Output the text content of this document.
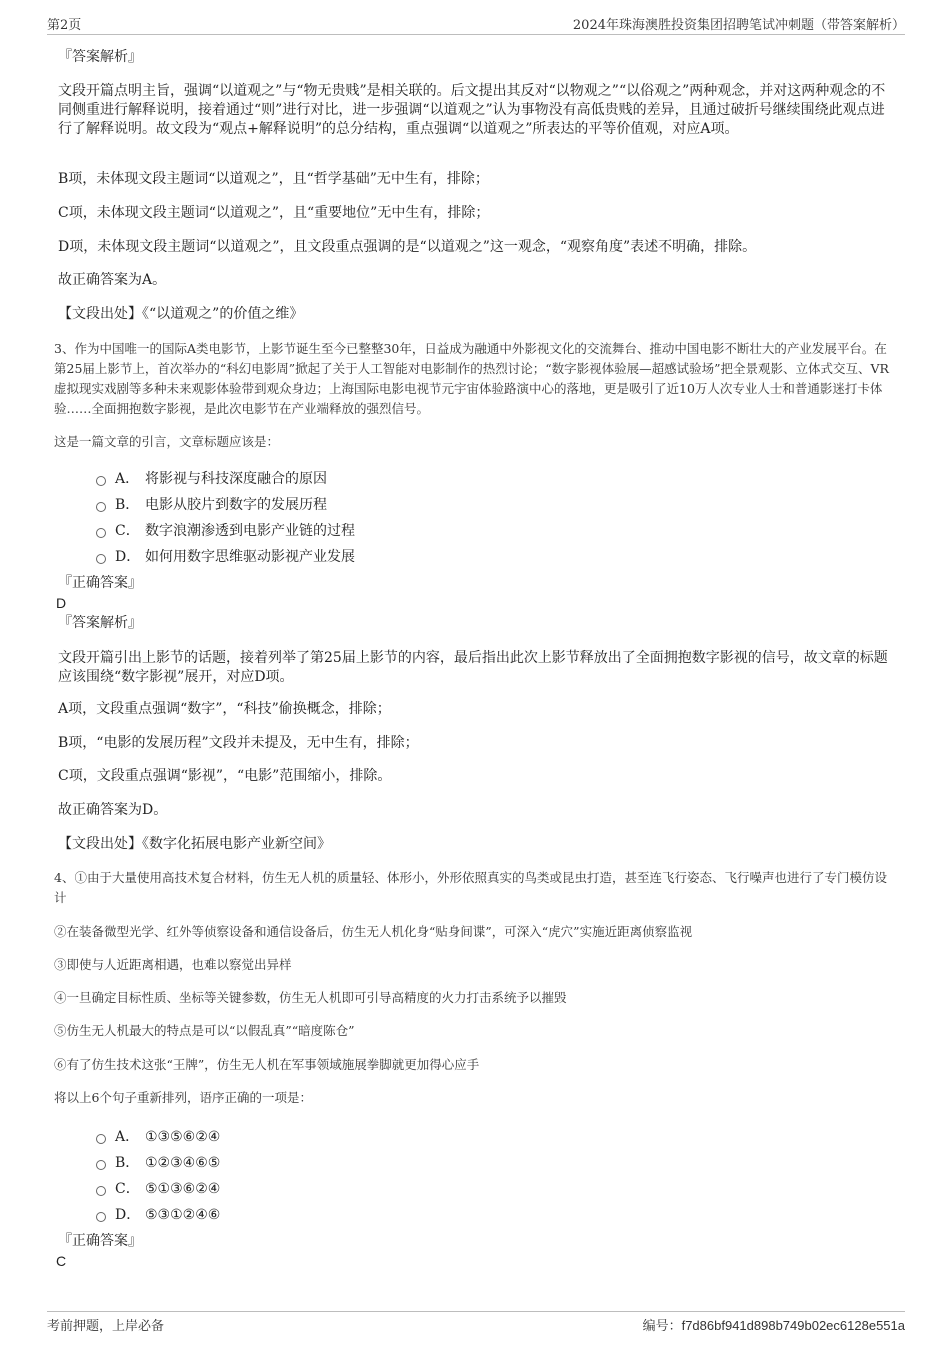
第2页	2024年珠海澳胜投资集团招聘笔试冲刺题（带答案解析）
『答案解析』
文段开篇点明主旨，强调“以道观之”与“物无贵贱”是相关联的。后文提出其反对“以物观之”“以俗观之”两种观念，并对这两种观念的不同侧重进行解释说明，接着通过“则”进行对比，进一步强调“以道观之”认为事物没有高低贵贱的差异，且通过破折号继续围绕此观点进行了解释说明。故文段为“观点+解释说明”的总分结构，重点强调“以道观之”所表达的平等价值观，对应A项。
B项，未体现文段主题词“以道观之”，且“哲学基础”无中生有，排除；
C项，未体现文段主题词“以道观之”，且“重要地位”无中生有，排除；
D项，未体现文段主题词“以道观之”，且文段重点强调的是“以道观之”这一观念，“观察角度”表述不明确，排除。
故正确答案为A。
【文段出处】《“以道观之”的价值之维》
3、作为中国唯一的国际A类电影节，上影节诞生至今已整整30年，日益成为融通中外影视文化的交流舞台、推动中国电影不断壮大的产业发展平台。在第25届上影节上，首次举办的“科幻电影周”掀起了关于人工智能对电影制作的热烈讨论；“数字影视体验展—超感试验场”把全景观影、立体式交互、VR虚拟现实戏剧等多种未来观影体验带到观众身边；上海国际电影电视节元宇宙体验路演中心的落地，更是吸引了近10万人次专业人士和普通影迷打卡体验……全面拥抱数字影视，是此次电影节在产业端释放的强烈信号。
这是一篇文章的引言，文章标题应该是：
A． 将影视与科技深度融合的原因
B． 电影从胶片到数字的发展历程
C． 数字浪潮渗透到电影产业链的过程
D． 如何用数字思维驱动影视产业发展
『正确答案』
D
『答案解析』
文段开篇引出上影节的话题，接着列举了第25届上影节的内容，最后指出此次上影节释放出了全面拥抱数字影视的信号，故文章的标题应该围绕“数字影视”展开，对应D项。
A项，文段重点强调“数字”，“科技”偷换概念，排除；
B项，“电影的发展历程”文段并未提及，无中生有，排除；
C项，文段重点强调“影视”，“电影”范围缩小，排除。
故正确答案为D。
【文段出处】《数字化拓展电影产业新空间》
4、①由于大量使用高技术复合材料，仿生无人机的质量轻、体形小，外形依照真实的鸟类或昆虫打造，甚至连飞行姿态、飞行噪声也进行了专门模仿设计
②在装备微型光学、红外等侦察设备和通信设备后，仿生无人机化身“贴身间谍”，可深入“虎穴”实施近距离侦察监视
③即使与人近距离相遇，也难以察觉出异样
④一旦确定目标性质、坐标等关键参数，仿生无人机即可引导高精度的火力打击系统予以摧毁
⑤仿生无人机最大的特点是可以“以假乱真”“暗度陈仓”
⑥有了仿生技术这张“王牌”，仿生无人机在军事领域施展拳脚就更加得心应手
将以上6个句子重新排列，语序正确的一项是：
A． ①③⑤⑥②④
B． ①②③④⑥⑤
C． ⑤①③⑥②④
D． ⑤③①②④⑥
『正确答案』
C
考前押题，上岸必备	编号：f7d86bf941d898b749b02ec6128e551a
